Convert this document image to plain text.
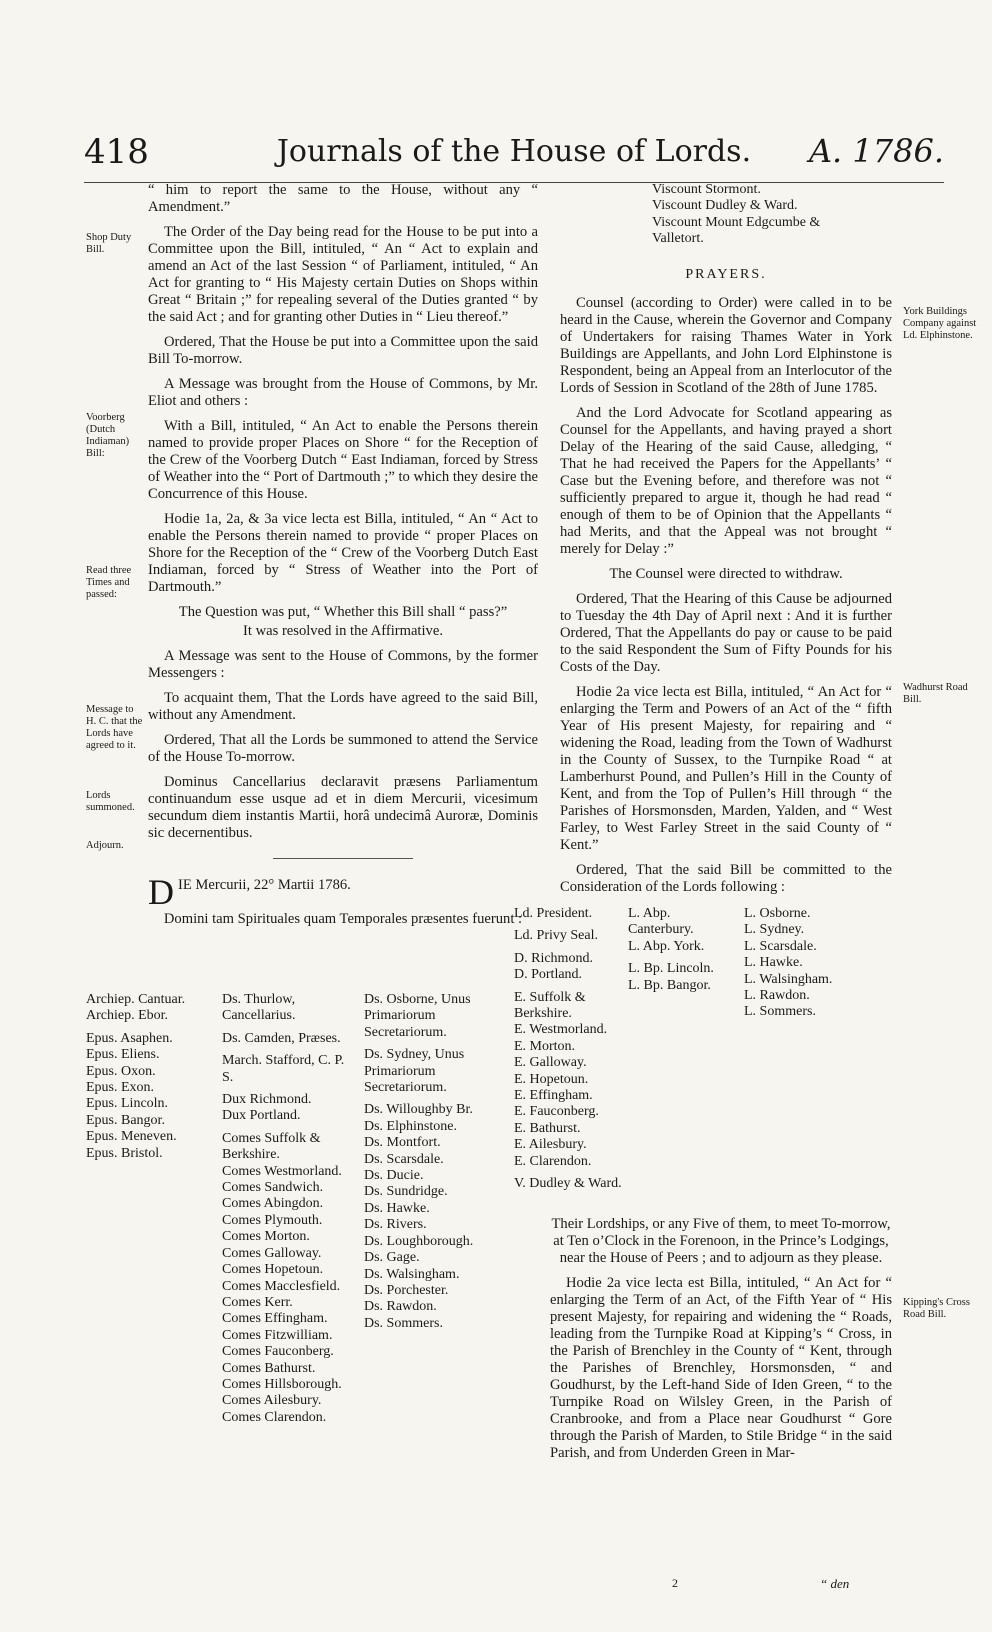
418	Journals of the House of Lords.	A. 1786.
Shop Duty Bill.
Voorberg (Dutch Indiaman) Bill:
Read three Times and passed:
Message to H. C. that the Lords have agreed to it.
Lords summoned.
Adjourn.
York Buildings Company against Ld. Elphinstone.
Wadhurst Road Bill.
Kipping's Cross Road Bill.

“ him to report the same to the House, without any “ Amendment.”

The Order of the Day being read for the House to be put into a Committee upon the Bill, intituled, “ An “ Act to explain and amend an Act of the last Session “ of Parliament, intituled, “ An Act for granting to “ His Majesty certain Duties on Shops within Great “ Britain ;” for repealing several of the Duties granted “ by the said Act ; and for granting other Duties in “ Lieu thereof.”

Ordered, That the House be put into a Committee upon the said Bill To-morrow.

A Message was brought from the House of Commons, by Mr. Eliot and others :

With a Bill, intituled, “ An Act to enable the Persons therein named to provide proper Places on Shore “ for the Reception of the Crew of the Voorberg Dutch “ East Indiaman, forced by Stress of Weather into the “ Port of Dartmouth ;” to which they desire the Concurrence of this House.

Hodie 1a, 2a, & 3a vice lecta est Billa, intituled, “ An “ Act to enable the Persons therein named to provide “ proper Places on Shore for the Reception of the “ Crew of the Voorberg Dutch East Indiaman, forced by “ Stress of Weather into the Port of Dartmouth.”

The Question was put, “ Whether this Bill shall “ pass?”

It was resolved in the Affirmative.

A Message was sent to the House of Commons, by the former Messengers :

To acquaint them, That the Lords have agreed to the said Bill, without any Amendment.

Ordered, That all the Lords be summoned to attend the Service of the House To-morrow.

Dominus Cancellarius declaravit præsens Parliamentum continuandum esse usque ad et in diem Mercurii, vicesimum secundum diem instantis Martii, horâ undecimâ Auroræ, Dominis sic decernentibus.

DIE Mercurii, 22° Martii 1786.

Domini tam Spirituales quam Temporales præsentes fuerunt :

Archiep. Cantuar.
Archiep. Ebor.
Epus. Asaphen.
Epus. Eliens.
Epus. Oxon.
Epus. Exon.
Epus. Lincoln.
Epus. Bangor.
Epus. Meneven.
Epus. Bristol.
Ds. Thurlow, Cancellarius.
Ds. Camden, Præses.
March. Stafford, C. P. S.
Dux Richmond.
Dux Portland.
Comes Suffolk & Berkshire.
Comes Westmorland.
Comes Sandwich.
Comes Abingdon.
Comes Plymouth.
Comes Morton.
Comes Galloway.
Comes Hopetoun.
Comes Macclesfield.
Comes Kerr.
Comes Effingham.
Comes Fitzwilliam.
Comes Fauconberg.
Comes Bathurst.
Comes Hillsborough.
Comes Ailesbury.
Comes Clarendon.
Ds. Osborne, Unus Primariorum Secretariorum.
Ds. Sydney, Unus Primariorum Secretariorum.
Ds. Willoughby Br.
Ds. Elphinstone.
Ds. Montfort.
Ds. Scarsdale.
Ds. Ducie.
Ds. Sundridge.
Ds. Hawke.
Ds. Rivers.
Ds. Loughborough.
Ds. Gage.
Ds. Walsingham.
Ds. Porchester.
Ds. Rawdon.
Ds. Sommers.
Viscount Stormont.
Viscount Dudley & Ward.
Viscount Mount Edgcumbe & Valletort.
PRAYERS.

Counsel (according to Order) were called in to be heard in the Cause, wherein the Governor and Company of Undertakers for raising Thames Water in York Buildings are Appellants, and John Lord Elphinstone is Respondent, being an Appeal from an Interlocutor of the Lords of Session in Scotland of the 28th of June 1785.

And the Lord Advocate for Scotland appearing as Counsel for the Appellants, and having prayed a short Delay of the Hearing of the said Cause, alledging, “ That he had received the Papers for the Appellants’ “ Case but the Evening before, and therefore was not “ sufficiently prepared to argue it, though he had read “ enough of them to be of Opinion that the Appellants “ had Merits, and that the Appeal was not brought “ merely for Delay :”

The Counsel were directed to withdraw.

Ordered, That the Hearing of this Cause be adjourned to Tuesday the 4th Day of April next : And it is further Ordered, That the Appellants do pay or cause to be paid to the said Respondent the Sum of Fifty Pounds for his Costs of the Day.

Hodie 2a vice lecta est Billa, intituled, “ An Act for “ enlarging the Term and Powers of an Act of the “ fifth Year of His present Majesty, for repairing and “ widening the Road, leading from the Town of Wadhurst in the County of Sussex, to the Turnpike Road “ at Lamberhurst Pound, and Pullen’s Hill in the County of Kent, and from the Top of Pullen’s Hill through “ the Parishes of Horsmonsden, Marden, Yalden, and “ West Farley, to West Farley Street in the said County of “ Kent.”

Ordered, That the said Bill be committed to the Consideration of the Lords following :

Ld. President.
Ld. Privy Seal.
D. Richmond.
D. Portland.
E. Suffolk & Berkshire.
E. Westmorland.
E. Morton.
E. Galloway.
E. Hopetoun.
E. Effingham.
E. Fauconberg.
E. Bathurst.
E. Ailesbury.
E. Clarendon.
V. Dudley & Ward.
L. Abp. Canterbury.
L. Abp. York.
L. Bp. Lincoln.
L. Bp. Bangor.
L. Osborne.
L. Sydney.
L. Scarsdale.
L. Hawke.
L. Walsingham.
L. Rawdon.
L. Sommers.

Their Lordships, or any Five of them, to meet To-morrow, at Ten o’Clock in the Forenoon, in the Prince’s Lodgings, near the House of Peers ; and to adjourn as they please.

Hodie 2a vice lecta est Billa, intituled, “ An Act for “ enlarging the Term of an Act, of the Fifth Year of “ His present Majesty, for repairing and widening the “ Roads, leading from the Turnpike Road at Kipping’s “ Cross, in the Parish of Brenchley in the County of “ Kent, through the Parishes of Brenchley, Horsmonsden, “ and Goudhurst, by the Left-hand Side of Iden Green, “ to the Turnpike Road on Wilsley Green, in the Parish of Cranbrooke, and from a Place near Goudhurst “ Gore through the Parish of Marden, to Stile Bridge “ in the said Parish, and from Underden Green in Mar-

2	“ den
